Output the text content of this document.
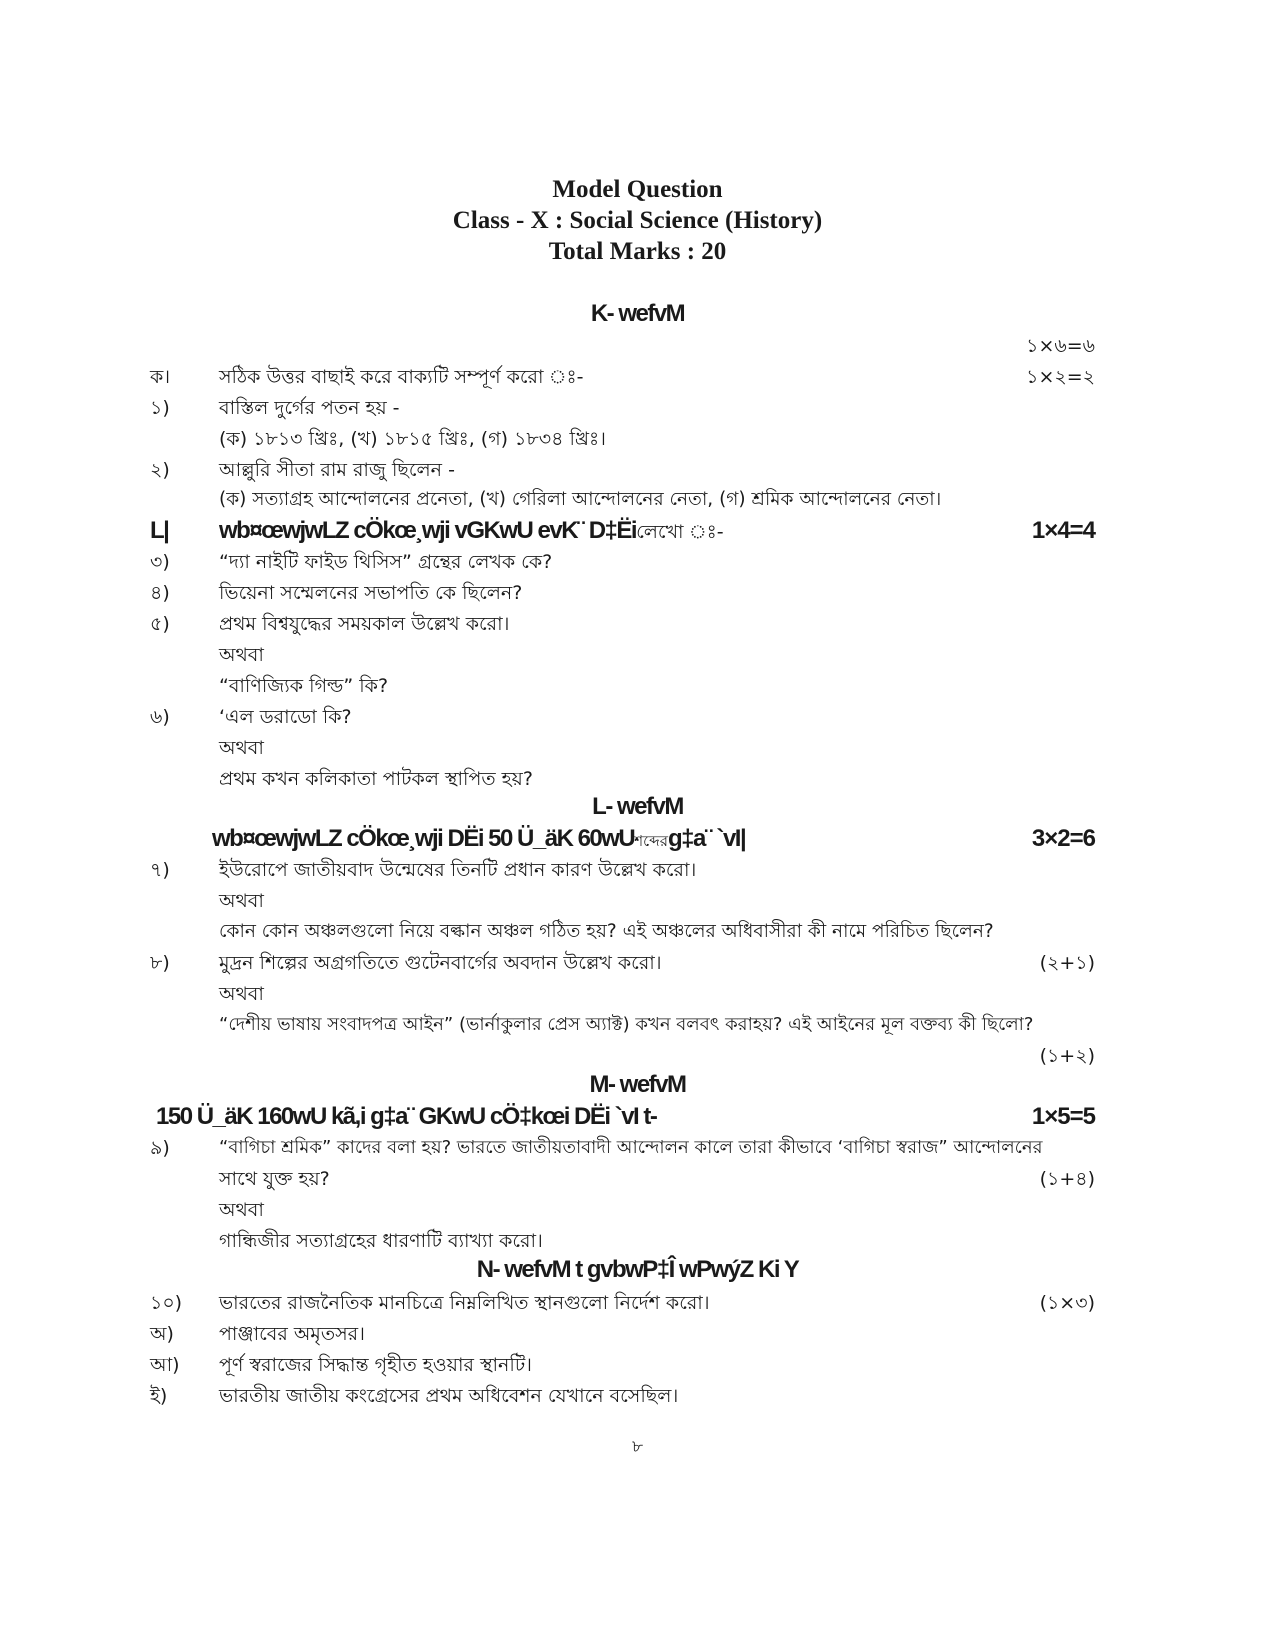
Model Question
Class - X : Social Science (History)
Total Marks : 20
K- wefvM
১×৬=৬
ক।	সঠিক উত্তর বাছাই করে বাক্যটি সম্পূর্ণ করো ঃ-	১×২=২
১)	বাস্তিল দুর্গের পতন হয় -
(ক) ১৮১৩ খ্রিঃ, (খ) ১৮১৫ খ্রিঃ, (গ) ১৮৩৪ খ্রিঃ।
২)	আল্লুরি সীতা রাম রাজু ছিলেন -
(ক) সত্যাগ্রহ আন্দোলনের প্রনেতা, (খ) গেরিলা আন্দোলনের নেতা, (গ) শ্রমিক আন্দোলনের নেতা।
L| wb¤œwjwLZ cÖkœ¸wji vGKwU evK¨ D‡Ëiলেখো ঃ-	1×4=4
৩)	“দ্যা নাইটি ফাইড থিসিস” গ্রন্থের লেখক কে?
৪)	ভিয়েনা সম্মেলনের সভাপতি কে ছিলেন?
৫)	প্রথম বিশ্বযুদ্ধের সময়কাল উল্লেখ করো।
অথবা
“বাণিজ্যিক গিল্ড” কি?
৬)	‘এল ডরাডো কি?
অথবা
প্রথম কখন কলিকাতা পাটকল স্থাপিত হয়?
L- wefvM
wb¤œwjwLZ cÖkœ¸wji DËi 50 Ü_äK 60wUশব্দেরg‡a¨ `vI|	3×2=6
৭)	ইউরোপে জাতীয়বাদ উন্মেষের তিনটি প্রধান কারণ উল্লেখ করো।
অথবা
কোন কোন অঞ্চলগুলো নিয়ে বল্কান অঞ্চল গঠিত হয়? এই অঞ্চলের অধিবাসীরা কী নামে পরিচিত ছিলেন?
৮)	মুদ্রন শিল্পের অগ্রগতিতে গুটেনবার্গের অবদান উল্লেখ করো।	(২+১)
অথবা
“দেশীয় ভাষায় সংবাদপত্র আইন” (ভার্নাকুলার প্রেস অ্যাক্ট) কখন বলবৎ করাহয়? এই আইনের মূল বক্তব্য কী ছিলো?
(১+২)
M- wefvM
150 Ü_äK 160wU kã,i g‡a¨ GKwU cÖ‡kœi DËi `vI t-	1×5=5
৯)	“বাগিচা শ্রমিক” কাদের বলা হয়? ভারতে জাতীয়তাবাদী আন্দোলন কালে তারা কীভাবে ‘বাগিচা স্বরাজ” আন্দোলনের
সাথে যুক্ত হয়?	(১+৪)
অথবা
গান্ধিজীর সত্যাগ্রহের ধারণাটি ব্যাখ্যা করো।
N- wefvM t gvbwP‡Î wPwýZ Ki Y
১০) ভারতের রাজনৈতিক মানচিত্রে নিম্নলিখিত স্থানগুলো নির্দেশ করো।	(১×৩)
অ) পাঞ্জাবের অমৃতসর।
আ) পূর্ণ স্বরাজের সিদ্ধান্ত গৃহীত হওয়ার স্থানটি।
ই)	ভারতীয় জাতীয় কংগ্রেসের প্রথম অধিবেশন যেখানে বসেছিল।
৮
